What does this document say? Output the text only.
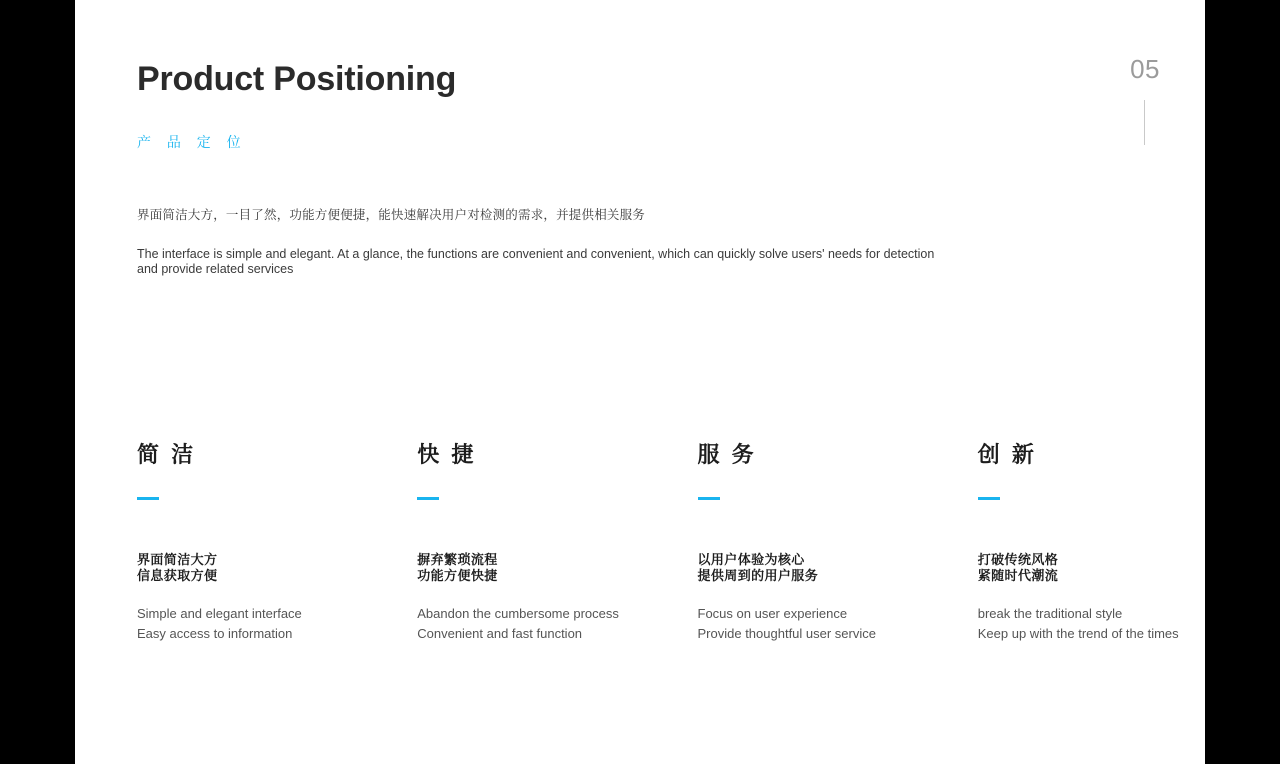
Product Positioning
产 品 定 位
05
界面简洁大方，一目了然，功能方便便捷，能快速解决用户对检测的需求，并提供相关服务
The interface is simple and elegant. At a glance, the functions are convenient and convenient, which can quickly solve users' needs for detection and provide related services
简 洁
界面简洁大方
信息获取方便
Simple and elegant interface
Easy access to information
快 捷
摒弃繁琐流程
功能方便快捷
Abandon the cumbersome process
Convenient and fast function
服 务
以用户体验为核心
提供周到的用户服务
Focus on user experience
Provide thoughtful user service
创 新
打破传统风格
紧随时代潮流
break the traditional style
Keep up with the trend of the times
